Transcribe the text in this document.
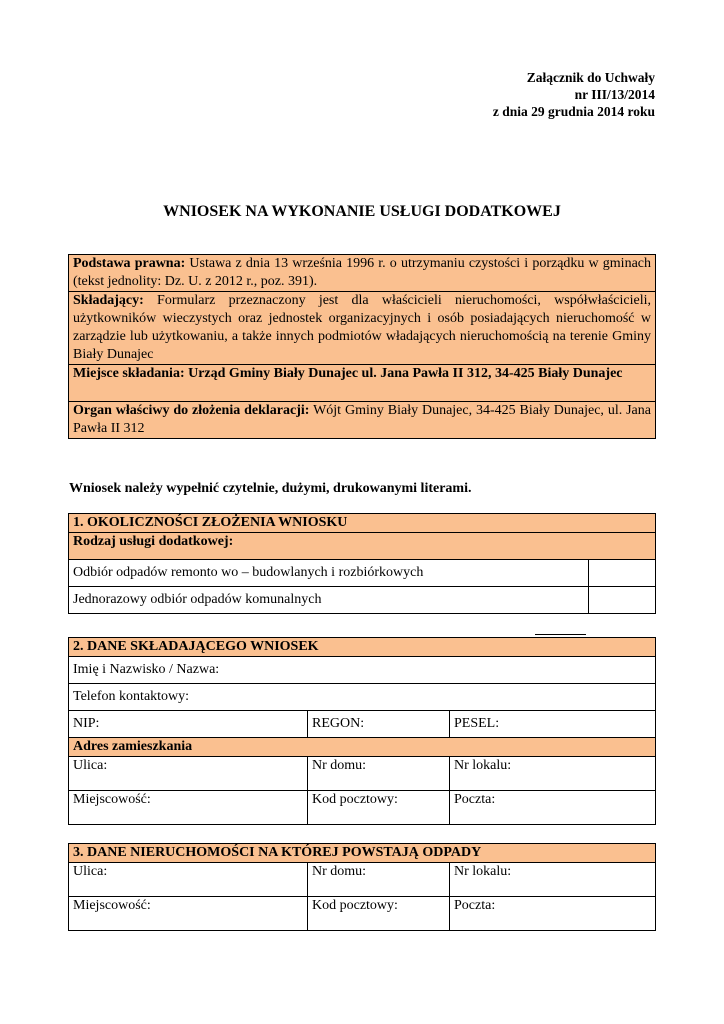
Załącznik do Uchwały
nr III/13/2014
z dnia 29 grudnia 2014 roku
WNIOSEK NA WYKONANIE USŁUGI DODATKOWEJ
Podstawa prawna: Ustawa z dnia 13 września 1996 r. o utrzymaniu czystości i porządku w gminach (tekst jednolity: Dz. U. z 2012 r., poz. 391).
Składający: Formularz przeznaczony jest dla właścicieli nieruchomości, współwłaścicieli, użytkowników wieczystych oraz jednostek organizacyjnych i osób posiadających nieruchomość w zarządzie lub użytkowaniu, a także innych podmiotów władających nieruchomością na terenie Gminy Biały Dunajec
Miejsce składania: Urząd Gminy Biały Dunajec ul. Jana Pawła II 312, 34-425 Biały Dunajec
Organ właściwy do złożenia deklaracji: Wójt Gminy Biały Dunajec, 34-425 Biały Dunajec, ul. Jana Pawła II 312
Wniosek należy wypełnić czytelnie, dużymi, drukowanymi literami.
1. OKOLICZNOŚCI ZŁOŻENIA WNIOSKU	
Rodzaj usługi dodatkowej:	
Odbiór odpadów remonto wo – budowlanych i rozbiórkowych	
Jednorazowy odbiór odpadów komunalnych	
2. DANE SKŁADAJĄCEGO WNIOSEK		
Imię i Nazwisko / Nazwa:		
Telefon kontaktowy:		
NIP:	REGON:	PESEL:
Adres zamieszkania		
Ulica:	Nr domu:	Nr lokalu:
Miejscowość:	Kod pocztowy:	Poczta:
3. DANE NIERUCHOMOŚCI NA KTÓREJ POWSTAJĄ ODPADY		
Ulica:	Nr domu:	Nr lokalu:
Miejscowość:	Kod pocztowy:	Poczta:
